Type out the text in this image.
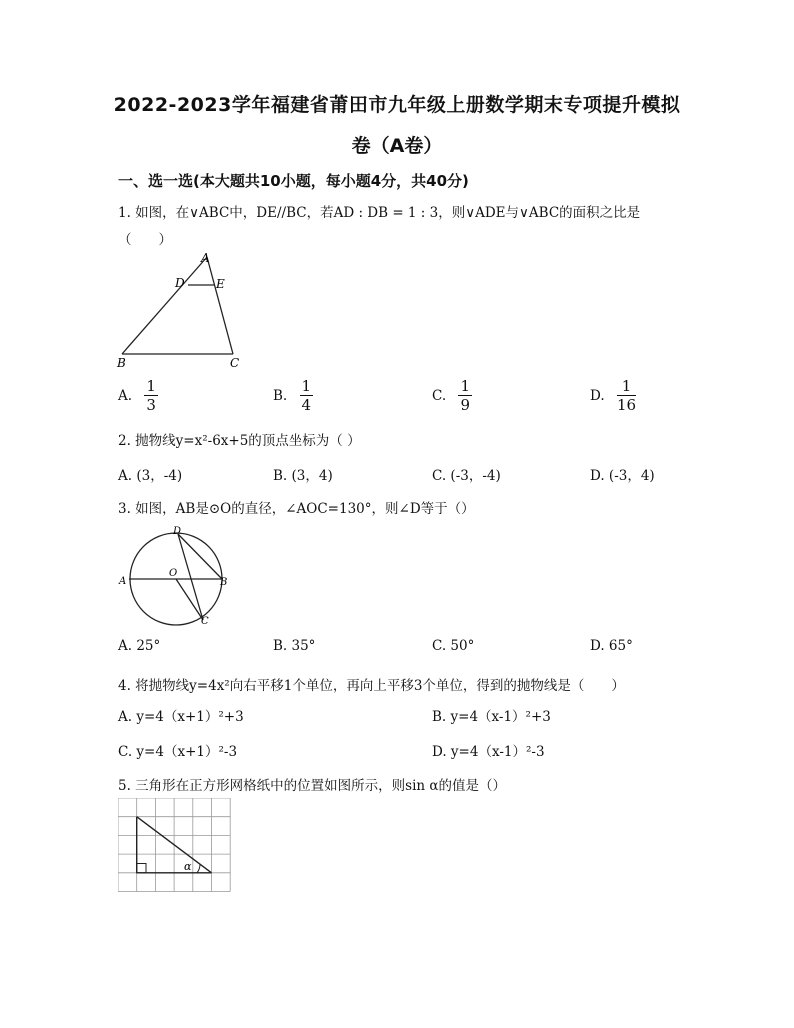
2022-2023学年福建省莆田市九年级上册数学期末专项提升模拟
卷（A卷）
一、选一选(本大题共10小题，每小题4分，共40分)
1. 如图，在∨ABC中，DE//BC，若AD : DB = 1 : 3，则∨ADE与∨ABC的面积之比是
（　　）
A
D	E
B	C
A. $\frac{1}{3}$	B. $\frac{1}{4}$	C. $\frac{1}{9}$	D. $\frac{1}{16}$
2. 抛物线y=x²-6x+5的顶点坐标为（ ）
A. (3，-4)	B. (3，4)	C. (-3，-4)	D. (-3，4)
3. 如图，AB是⊙O的直径，∠AOC=130°，则∠D等于（）
A	B
C
D
O
A. 25°	B. 35°	C. 50°	D. 65°
4. 将抛物线y=4x²向右平移1个单位，再向上平移3个单位，得到的抛物线是（　　）
A. y=4（x+1）²+3	B. y=4（x-1）²+3
C. y=4（x+1）²-3	D. y=4（x-1）²-3
5. 三角形在正方形网格纸中的位置如图所示，则sin α的值是（）
α
